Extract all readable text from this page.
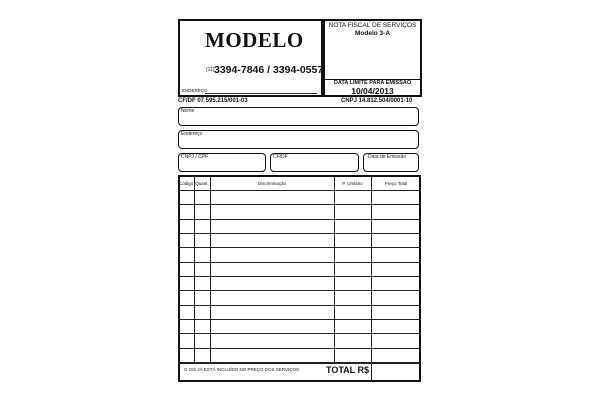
MODELO
(11) 3394-7846 / 3394-0557
ENDEREÇO
NOTA FISCAL DE SERVIÇOS
Modelo 3-A
DATA LIMITE PARA EMISSÃO
10/04/2013
CF/DF 07.595.215/001-03	CNPJ 14.812.504/0001-10
Nome
Endereço
CNPJ / CPF	CF/DF	Data de Emissão
Código Quant.	Discriminação	P. Unitário	Preço Total
O ISS JÁ ESTÁ INCLUÍDO NO PREÇO DOS SERVIÇOS	TOTAL R$
